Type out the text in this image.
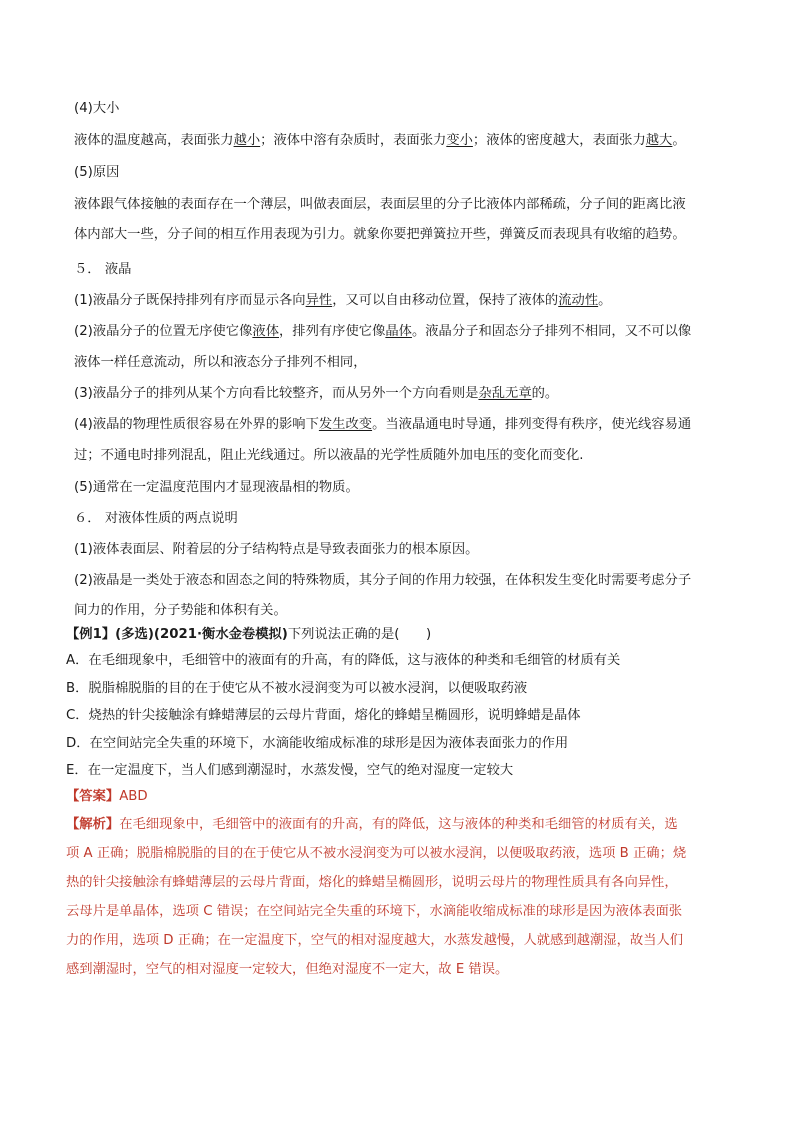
(4)大小
液体的温度越高，表面张力越小；液体中溶有杂质时，表面张力变小；液体的密度越大，表面张力越大。
(5)原因
液体跟气体接触的表面存在一个薄层，叫做表面层，表面层里的分子比液体内部稀疏，分子间的距离比液
体内部大一些，分子间的相互作用表现为引力。就象你要把弹簧拉开些，弹簧反而表现具有收缩的趋势。
５． 液晶
(1)液晶分子既保持排列有序而显示各向异性，又可以自由移动位置，保持了液体的流动性。
(2)液晶分子的位置无序使它像液体，排列有序使它像晶体。液晶分子和固态分子排列不相同，又不可以像
液体一样任意流动，所以和液态分子排列不相同，
(3)液晶分子的排列从某个方向看比较整齐，而从另外一个方向看则是杂乱无章的。
(4)液晶的物理性质很容易在外界的影响下发生改变。当液晶通电时导通，排列变得有秩序，使光线容易通
过；不通电时排列混乱，阻止光线通过。所以液晶的光学性质随外加电压的变化而变化.
(5)通常在一定温度范围内才显现液晶相的物质。
６． 对液体性质的两点说明
(1)液体表面层、附着层的分子结构特点是导致表面张力的根本原因。
(2)液晶是一类处于液态和固态之间的特殊物质，其分子间的作用力较强，在体积发生变化时需要考虑分子
间力的作用，分子势能和体积有关。
【例1】(多选)(2021·衡水金卷模拟)下列说法正确的是(　　)
A．在毛细现象中，毛细管中的液面有的升高，有的降低，这与液体的种类和毛细管的材质有关
B．脱脂棉脱脂的目的在于使它从不被水浸润变为可以被水浸润，以便吸取药液
C．烧热的针尖接触涂有蜂蜡薄层的云母片背面，熔化的蜂蜡呈椭圆形，说明蜂蜡是晶体
D．在空间站完全失重的环境下，水滴能收缩成标准的球形是因为液体表面张力的作用
E．在一定温度下，当人们感到潮湿时，水蒸发慢，空气的绝对湿度一定较大
【答案】ABD
【解析】在毛细现象中，毛细管中的液面有的升高，有的降低，这与液体的种类和毛细管的材质有关，选
项 A 正确；脱脂棉脱脂的目的在于使它从不被水浸润变为可以被水浸润，以便吸取药液，选项 B 正确；烧
热的针尖接触涂有蜂蜡薄层的云母片背面，熔化的蜂蜡呈椭圆形，说明云母片的物理性质具有各向异性，
云母片是单晶体，选项 C 错误；在空间站完全失重的环境下，水滴能收缩成标准的球形是因为液体表面张
力的作用，选项 D 正确；在一定温度下，空气的相对湿度越大，水蒸发越慢，人就感到越潮湿，故当人们
感到潮湿时，空气的相对湿度一定较大，但绝对湿度不一定大，故 E 错误。
